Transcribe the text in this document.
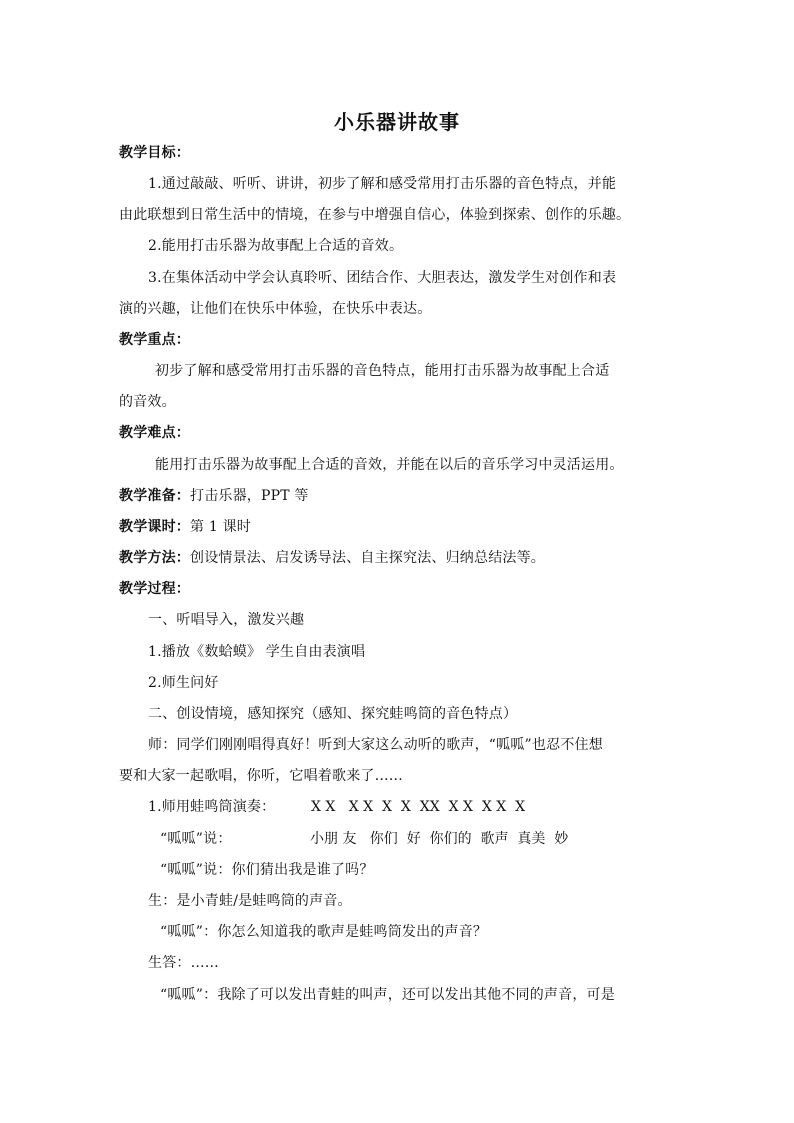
小乐器讲故事
教学目标：
1.通过敲敲、听听、讲讲，初步了解和感受常用打击乐器的音色特点，并能
由此联想到日常生活中的情境，在参与中增强自信心，体验到探索、创作的乐趣。
2.能用打击乐器为故事配上合适的音效。
3.在集体活动中学会认真聆听、团结合作、大胆表达，激发学生对创作和表
演的兴趣，让他们在快乐中体验，在快乐中表达。
教学重点：
初步了解和感受常用打击乐器的音色特点，能用打击乐器为故事配上合适
的音效。
教学难点：
能用打击乐器为故事配上合适的音效，并能在以后的音乐学习中灵活运用。
教学准备：打击乐器，PPT 等
教学课时：第 1 课时
教学方法：创设情景法、启发诱导法、自主探究法、归纳总结法等。
教学过程：
一、听唱导入，激发兴趣
1.播放《数蛤蟆》 学生自由表演唱
2.师生问好
二、创设情境，感知探究（感知、探究蛙鸣筒的音色特点）
师：同学们刚刚唱得真好！听到大家这么动听的歌声，“呱呱”也忍不住想
要和大家一起歌唱，你听，它唱着歌来了……
1.师用蛙鸣筒演奏：	X X   X X  X  X  XX  X X  X X  X
“呱呱”说：	小朋 友   你们  好  你们的  歌声  真美  妙
“呱呱”说：你们猜出我是谁了吗？
生：是小青蛙/是蛙鸣筒的声音。
“呱呱”：你怎么知道我的歌声是蛙鸣筒发出的声音？
生答：……
“呱呱”：我除了可以发出青蛙的叫声，还可以发出其他不同的声音，可是
